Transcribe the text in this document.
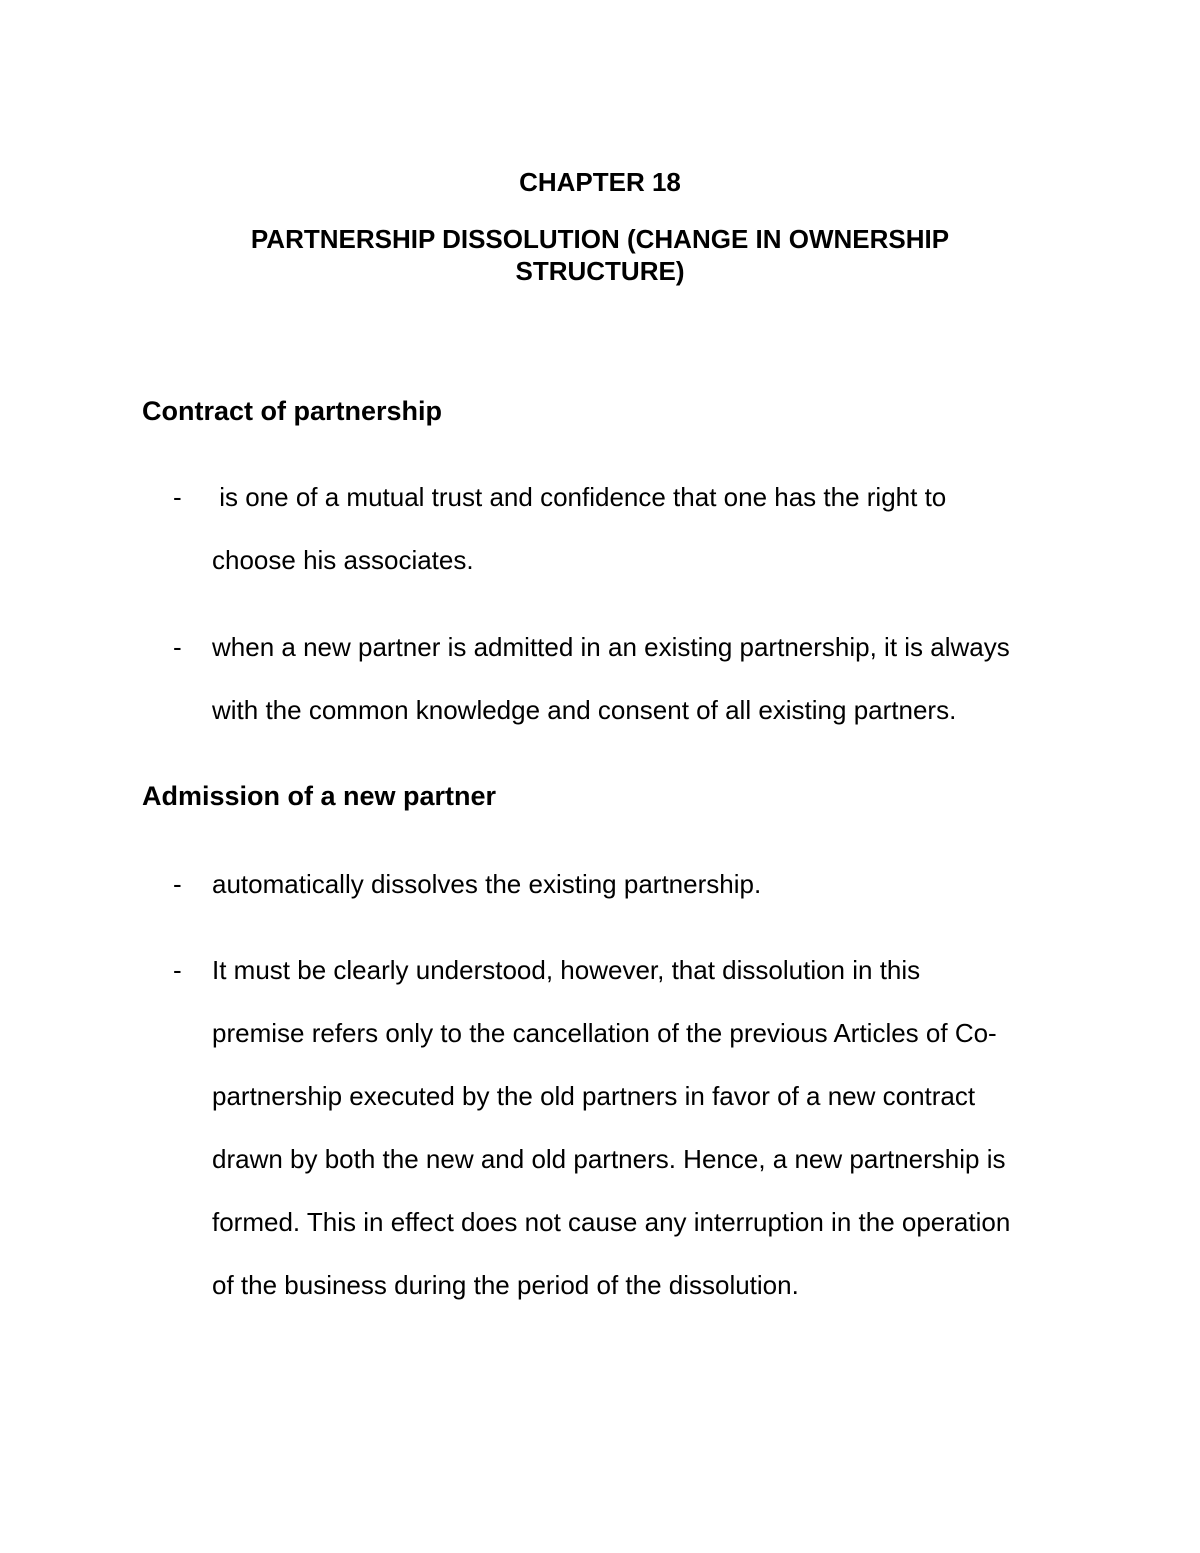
CHAPTER 18
PARTNERSHIP DISSOLUTION (CHANGE IN OWNERSHIP
STRUCTURE)
Contract of partnership
- is one of a mutual trust and confidence that one has the right to
choose his associates.
- when a new partner is admitted in an existing partnership, it is always
with the common knowledge and consent of all existing partners.
Admission of a new partner
- automatically dissolves the existing partnership.
- It must be clearly understood, however, that dissolution in this
premise refers only to the cancellation of the previous Articles of Co-
partnership executed by the old partners in favor of a new contract
drawn by both the new and old partners. Hence, a new partnership is
formed. This in effect does not cause any interruption in the operation
of the business during the period of the dissolution.
